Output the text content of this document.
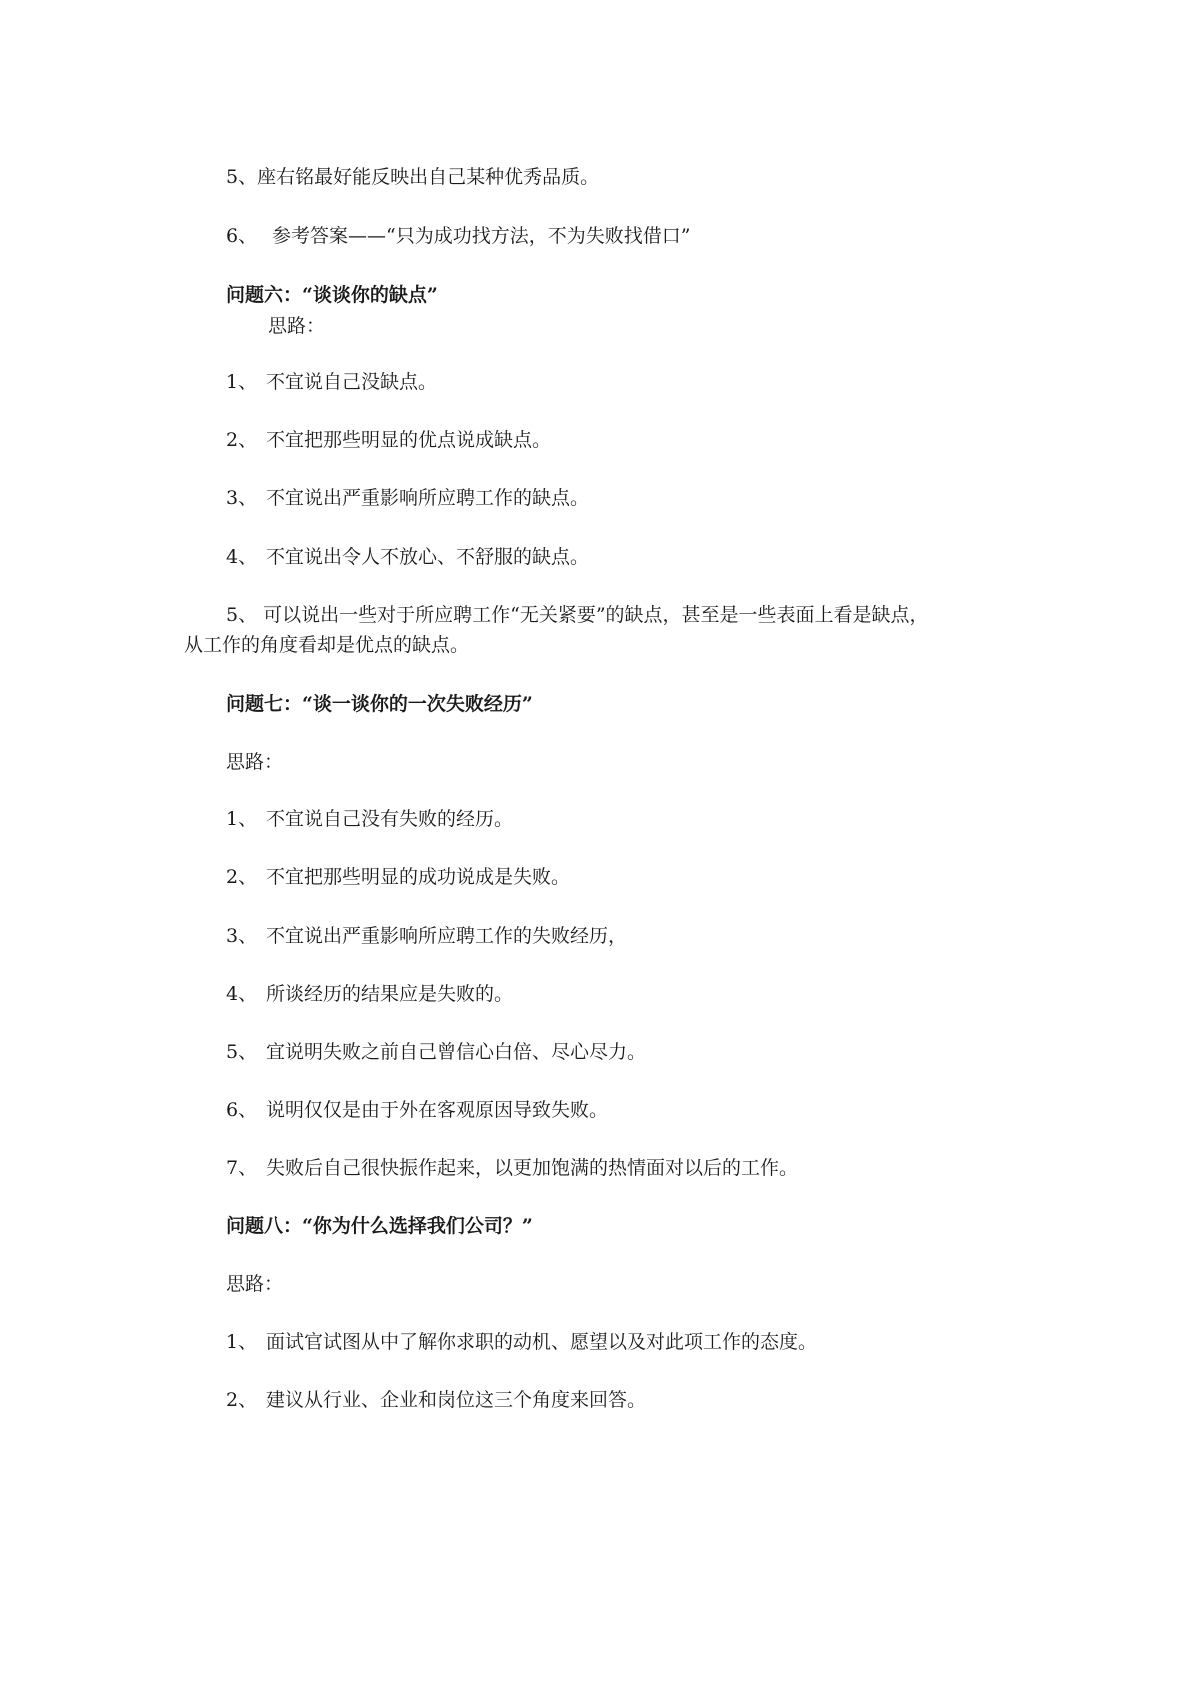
5、座右铭最好能反映出自己某种优秀品质。
6、 参考答案——“只为成功找方法，不为失败找借口”
问题六：“谈谈你的缺点”
思路：
1、 不宜说自己没缺点。
2、 不宜把那些明显的优点说成缺点。
3、 不宜说出严重影响所应聘工作的缺点。
4、 不宜说出令人不放心、不舒服的缺点。
5、 可以说出一些对于所应聘工作“无关紧要”的缺点，甚至是一些表面上看是缺点，
从工作的角度看却是优点的缺点。
问题七：“谈一谈你的一次失败经历”
思路：
1、 不宜说自己没有失败的经历。
2、 不宜把那些明显的成功说成是失败。
3、 不宜说出严重影响所应聘工作的失败经历，
4、 所谈经历的结果应是失败的。
5、 宜说明失败之前自己曾信心白倍、尽心尽力。
6、 说明仅仅是由于外在客观原因导致失败。
7、 失败后自己很快振作起来，以更加饱满的热情面对以后的工作。
问题八：“你为什么选择我们公司？”
思路：
1、 面试官试图从中了解你求职的动机、愿望以及对此项工作的态度。
2、 建议从行业、企业和岗位这三个角度来回答。
